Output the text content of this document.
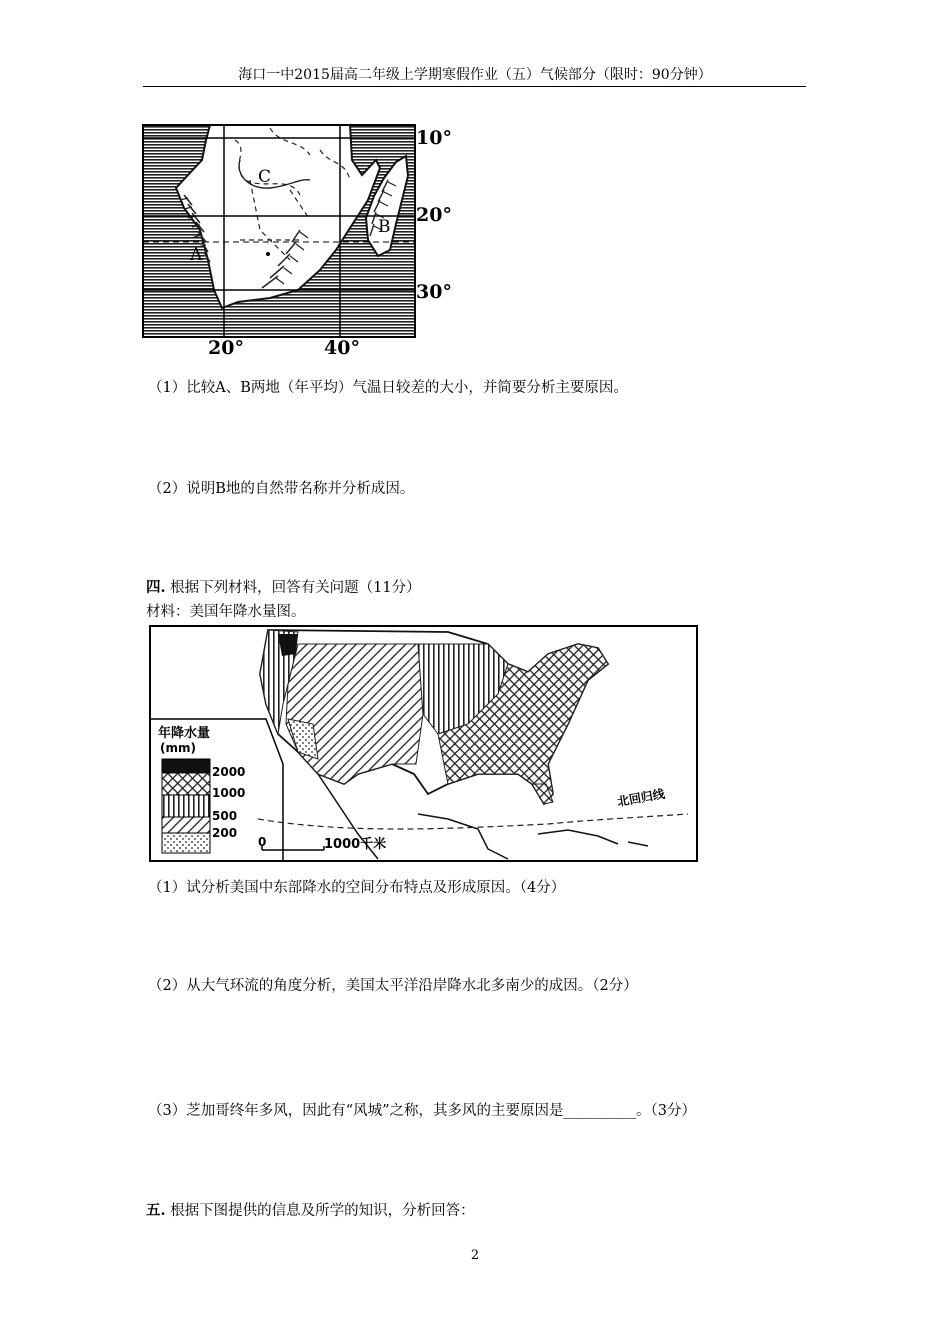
海口一中2015届高二年级上学期寒假作业（五）气候部分（限时：90分钟）
A
B
C
10°
20°
30°
20°	40°
（1）比较A、B两地（年平均）气温日较差的大小，并简要分析主要原因。
（2）说明B地的自然带名称并分析成因。
四. 根据下列材料，回答有关问题（11分）
材料：美国年降水量图。
北回归线
年降水量
(mm)
2000
1000
500
200
0	1000千米
（1）试分析美国中东部降水的空间分布特点及形成原因。（4分）
（2）从大气环流的角度分析，美国太平洋沿岸降水北多南少的成因。（2分）
（3）芝加哥终年多风，因此有“风城”之称，其多风的主要原因是__________。（3分）
五. 根据下图提供的信息及所学的知识，分析回答：
2
